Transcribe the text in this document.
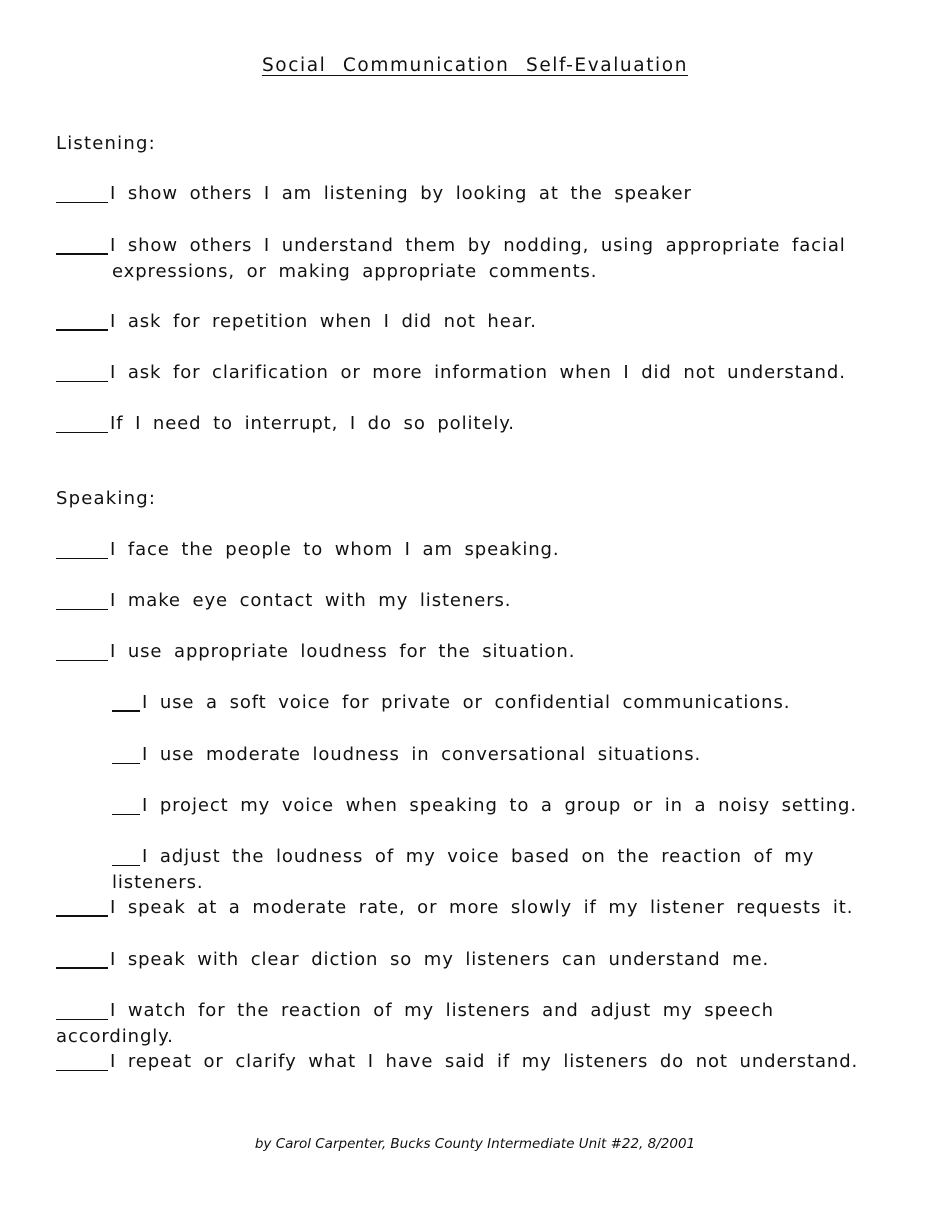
Social Communication Self-Evaluation
Listening:
I show others I am listening by looking at the speaker
I show others I understand them by nodding, using appropriate facial
expressions, or making appropriate comments.
I ask for repetition when I did not hear.
I ask for clarification or more information when I did not understand.
If I need to interrupt, I do so politely.
Speaking:
I face the people to whom I am speaking.
I make eye contact with my listeners.
I use appropriate loudness for the situation.
I use a soft voice for private or confidential communications.
I use moderate loudness in conversational situations.
I project my voice when speaking to a group or in a noisy setting.
I adjust the loudness of my voice based on the reaction of my listeners.
I speak at a moderate rate, or more slowly if my listener requests it.
I speak with clear diction so my listeners can understand me.
I watch for the reaction of my listeners and adjust my speech accordingly.
I repeat or clarify what I have said if my listeners do not understand.
by Carol Carpenter, Bucks County Intermediate Unit #22, 8/2001
